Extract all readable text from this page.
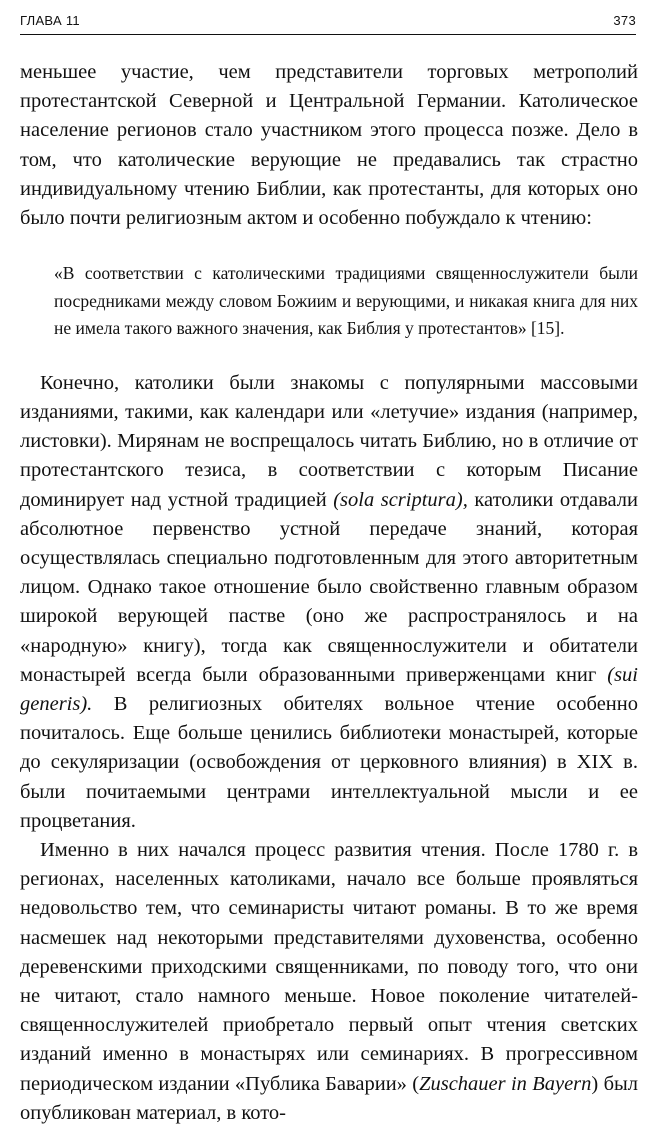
ГЛАВА 11	373

меньшее участие, чем представители торговых метрополий протестантской Северной и Центральной Германии. Католическое население регионов стало участником этого процесса позже. Дело в том, что католические верующие не предавались так страстно индивидуальному чтению Библии, как протестанты, для которых оно было почти религиозным актом и особенно побуждало к чтению:

«В соответствии с католическими традициями священнослужители были посредниками между словом Божиим и верующими, и никакая книга для них не имела такого важного значения, как Библия у протестантов» [15].

Конечно, католики были знакомы с популярными массовыми изданиями, такими, как календари или «летучие» издания (например, листовки). Мирянам не воспрещалось читать Библию, но в отличие от протестантского тезиса, в соответствии с которым Писание доминирует над устной традицией (sola scriptura), католики отдавали абсолютное первенство устной передаче знаний, которая осуществлялась специально подготовленным для этого авторитетным лицом. Однако такое отношение было свойственно главным образом широкой верующей пастве (оно же распространялось и на «народную» книгу), тогда как священнослужители и обитатели монастырей всегда были образованными приверженцами книг (sui generis). В религиозных обителях вольное чтение особенно почиталось. Еще больше ценились библиотеки монастырей, которые до секуляризации (освобождения от церковного влияния) в XIX в. были почитаемыми центрами интеллектуальной мысли и ее процветания.

Именно в них начался процесс развития чтения. После 1780 г. в регионах, населенных католиками, начало все больше проявляться недовольство тем, что семинаристы читают романы. В то же время насмешек над некоторыми представителями духовенства, особенно деревенскими приходскими священниками, по поводу того, что они не читают, стало намного меньше. Новое поколение читателей-священнослужителей приобретало первый опыт чтения светских изданий именно в монастырях или семинариях. В прогрессивном периодическом издании «Публика Баварии» (Zuschauer in Bayern) был опубликован материал, в кото-
